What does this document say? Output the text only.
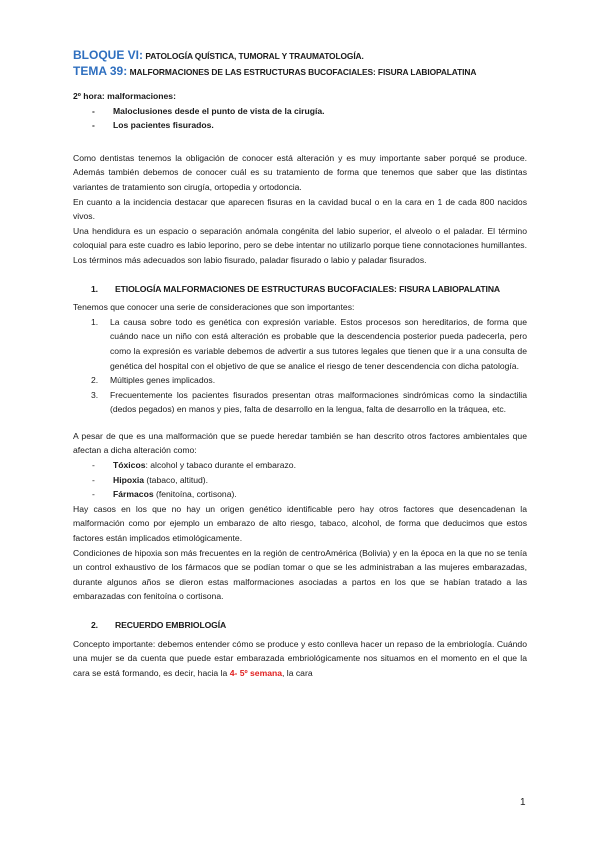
BLOQUE VI: PATOLOGÍA QUÍSTICA, TUMORAL Y TRAUMATOLOGÍA.
TEMA 39: MALFORMACIONES DE LAS ESTRUCTURAS BUCOFACIALES: FISURA LABIOPALATINA
2º hora: malformaciones:
- Maloclusiones desde el punto de vista de la cirugía.
- Los pacientes fisurados.

Como dentistas tenemos la obligación de conocer está alteración y es muy importante saber porqué se produce. Además también debemos de conocer cuál es su tratamiento de forma que tenemos que saber que las distintas variantes de tratamiento son cirugía, ortopedia y ortodoncia.

En cuanto a la incidencia destacar que aparecen fisuras en la cavidad bucal o en la cara en 1 de cada 800 nacidos vivos.

Una hendidura es un espacio o separación anómala congénita del labio superior, el alveolo o el paladar. El término coloquial para este cuadro es labio leporino, pero se debe intentar no utilizarlo porque tiene connotaciones humillantes. Los términos más adecuados son labio fisurado, paladar fisurado o labio y paladar fisurados.

1. ETIOLOGÍA MALFORMACIONES DE ESTRUCTURAS BUCOFACIALES: FISURA LABIOPALATINA

Tenemos que conocer una serie de consideraciones que son importantes:

1. La causa sobre todo es genética con expresión variable. Estos procesos son hereditarios, de forma que cuándo nace un niño con está alteración es probable que la descendencia posterior pueda padecerla, pero como la expresión es variable debemos de advertir a sus tutores legales que tienen que ir a una consulta de genética del hospital con el objetivo de que se analice el riesgo de tener descendencia con dicha patología.
2. Múltiples genes implicados.
3. Frecuentemente los pacientes fisurados presentan otras malformaciones sindrómicas como la sindactilia (dedos pegados) en manos y pies, falta de desarrollo en la lengua, falta de desarrollo en la tráquea, etc.

A pesar de que es una malformación que se puede heredar también se han descrito otros factores ambientales que afectan a dicha alteración como:

- Tóxicos: alcohol y tabaco durante el embarazo.
- Hipoxia (tabaco, altitud).
- Fármacos (fenitoína, cortisona).

Hay casos en los que no hay un origen genético identificable pero hay otros factores que desencadenan la malformación como por ejemplo un embarazo de alto riesgo, tabaco, alcohol, de forma que deducimos que estos factores están implicados etimológicamente.

Condiciones de hipoxia son más frecuentes en la región de centroAmérica (Bolivia) y en la época en la que no se tenía un control exhaustivo de los fármacos que se podían tomar o que se les administraban a las mujeres embarazadas, durante algunos años se dieron estas malformaciones asociadas a partos en los que se habían tratado a las embarazadas con fenitoína o cortisona.

2. RECUERDO EMBRIOLOGÍA

Concepto importante: debemos entender cómo se produce y esto conlleva hacer un repaso de la embriología. Cuándo una mujer se da cuenta que puede estar embarazada embriológicamente nos situamos en el momento en el que la cara se está formando, es decir, hacia la 4- 5º semana, la cara

1
